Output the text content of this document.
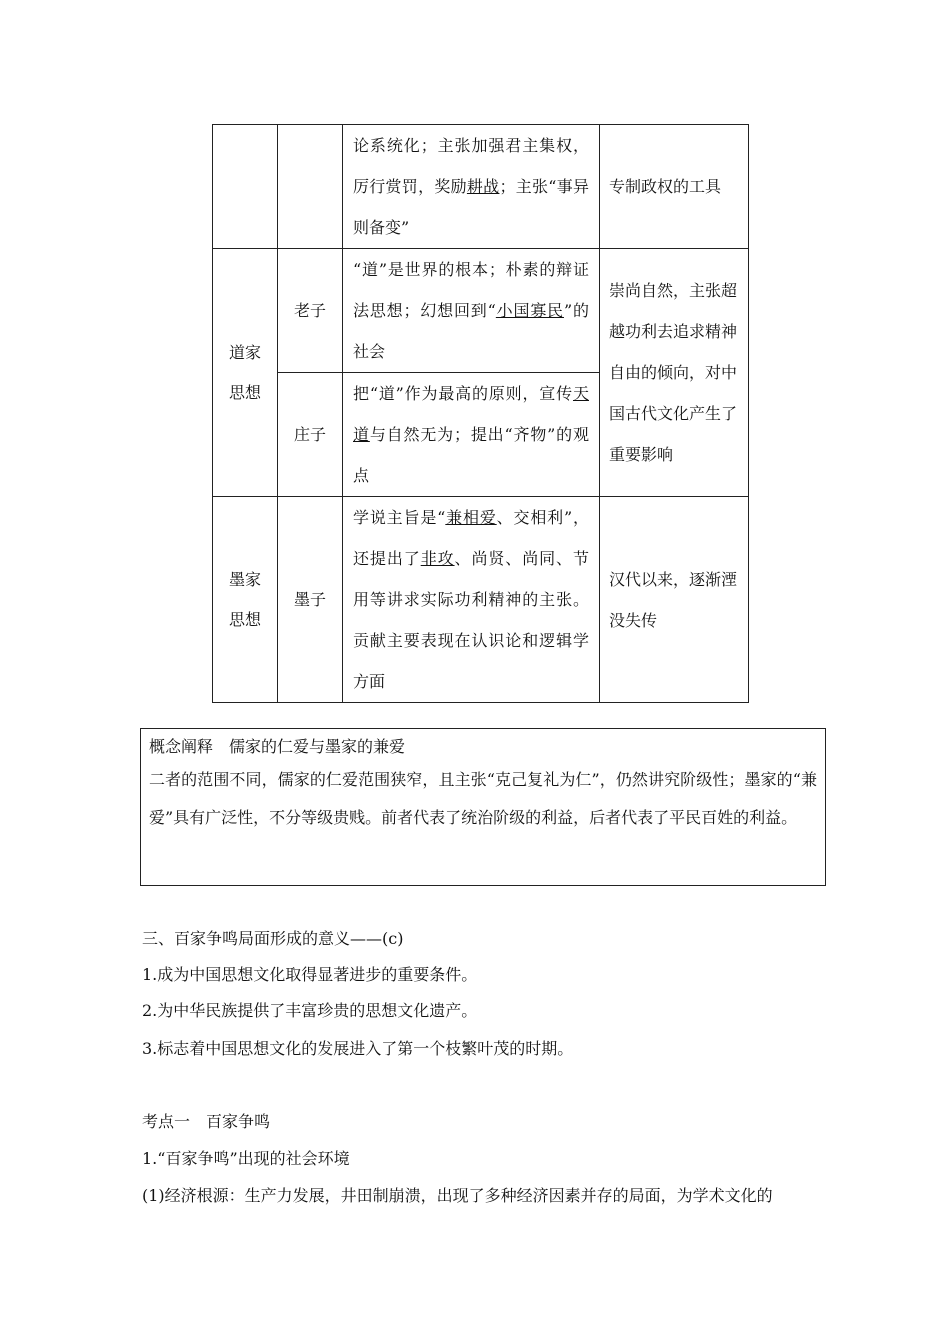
		论系统化；主张加强君主集权，厉行赏罚，奖励耕战；主张“事异则备变”	专制政权的工具

道家思想	老子	“道”是世界的根本；朴素的辩证法思想；幻想回到“小国寡民”的社会	崇尚自然，主张超越功利去追求精神自由的倾向，对中国古代文化产生了重要影响
	庄子	把“道”作为最高的原则，宣传天道与自然无为；提出“齐物”的观点	

墨家思想	墨子	学说主旨是“兼相爱、交相利”，还提出了非攻、尚贤、尚同、节用等讲求实际功利精神的主张。贡献主要表现在认识论和逻辑学方面	汉代以来，逐渐湮没失传
概念阐释　儒家的仁爱与墨家的兼爱
二者的范围不同，儒家的仁爱范围狭窄，且主张“克己复礼为仁”，仍然讲究阶级性；墨家的“兼爱”具有广泛性，不分等级贵贱。前者代表了统治阶级的利益，后者代表了平民百姓的利益。
三、百家争鸣局面形成的意义——(c)
1.成为中国思想文化取得显著进步的重要条件。
2.为中华民族提供了丰富珍贵的思想文化遗产。
3.标志着中国思想文化的发展进入了第一个枝繁叶茂的时期。
考点一　百家争鸣
1.“百家争鸣”出现的社会环境
(1)经济根源：生产力发展，井田制崩溃，出现了多种经济因素并存的局面，为学术文化的
